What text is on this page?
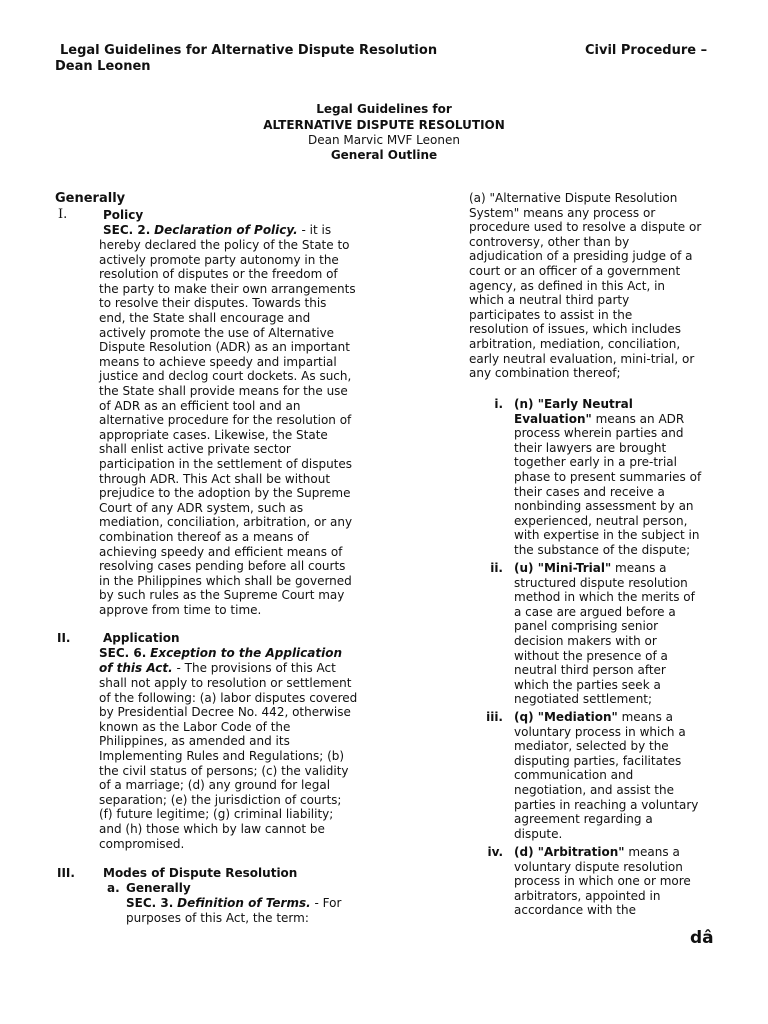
Legal Guidelines for Alternative Dispute Resolution	Civil Procedure –
Dean Leonen
Legal Guidelines for
ALTERNATIVE DISPUTE RESOLUTION
Dean Marvic MVF Leonen
General Outline
Generally
I.	Policy
SEC. 2. Declaration of Policy. - it is
hereby declared the policy of the State to
actively promote party autonomy in the
resolution of disputes or the freedom of
the party to make their own arrangements
to resolve their disputes. Towards this
end, the State shall encourage and
actively promote the use of Alternative
Dispute Resolution (ADR) as an important
means to achieve speedy and impartial
justice and declog court dockets. As such,
the State shall provide means for the use
of ADR as an efficient tool and an
alternative procedure for the resolution of
appropriate cases. Likewise, the State
shall enlist active private sector
participation in the settlement of disputes
through ADR. This Act shall be without
prejudice to the adoption by the Supreme
Court of any ADR system, such as
mediation, conciliation, arbitration, or any
combination thereof as a means of
achieving speedy and efficient means of
resolving cases pending before all courts
in the Philippines which shall be governed
by such rules as the Supreme Court may
approve from time to time.
II.	Application
SEC. 6. Exception to the Application
of this Act. - The provisions of this Act
shall not apply to resolution or settlement
of the following: (a) labor disputes covered
by Presidential Decree No. 442, otherwise
known as the Labor Code of the
Philippines, as amended and its
Implementing Rules and Regulations; (b)
the civil status of persons; (c) the validity
of a marriage; (d) any ground for legal
separation; (e) the jurisdiction of courts;
(f) future legitime; (g) criminal liability;
and (h) those which by law cannot be
compromised.
III. Modes of Dispute Resolution
a. Generally
SEC. 3. Definition of Terms. - For
purposes of this Act, the term:
(a) "Alternative Dispute Resolution
System" means any process or
procedure used to resolve a dispute or
controversy, other than by
adjudication of a presiding judge of a
court or an officer of a government
agency, as defined in this Act, in
which a neutral third party
participates to assist in the
resolution of issues, which includes
arbitration, mediation, conciliation,
early neutral evaluation, mini-trial, or
any combination thereof;
i. (n) "Early Neutral
Evaluation" means an ADR
process wherein parties and
their lawyers are brought
together early in a pre-trial
phase to present summaries of
their cases and receive a
nonbinding assessment by an
experienced, neutral person,
with expertise in the subject in
the substance of the dispute;
ii. (u) "Mini-Trial" means a
structured dispute resolution
method in which the merits of
a case are argued before a
panel comprising senior
decision makers with or
without the presence of a
neutral third person after
which the parties seek a
negotiated settlement;
iii. (q) "Mediation" means a
voluntary process in which a
mediator, selected by the
disputing parties, facilitates
communication and
negotiation, and assist the
parties in reaching a voluntary
agreement regarding a
dispute.
iv. (d) "Arbitration" means a
voluntary dispute resolution
process in which one or more
arbitrators, appointed in
accordance with the
dâ
